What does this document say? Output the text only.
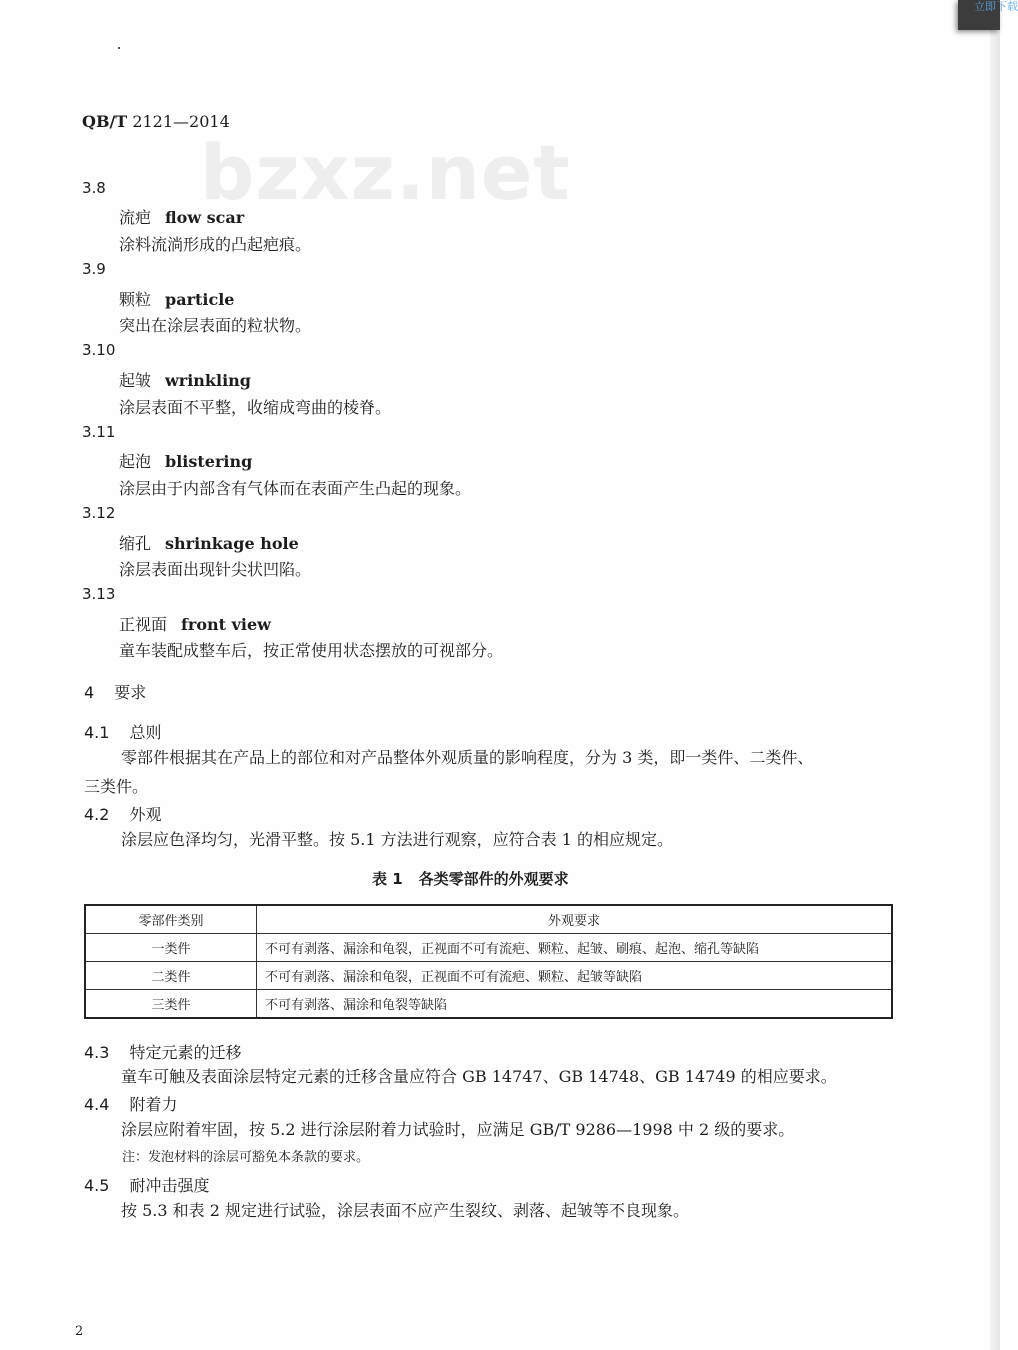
立即下载
bzxz.net
QB/T 2121—2014
3.8
流疤 flow scar
涂料流淌形成的凸起疤痕。
3.9
颗粒 particle
突出在涂层表面的粒状物。
3.10
起皱 wrinkling
涂层表面不平整，收缩成弯曲的棱脊。
3.11
起泡 blistering
涂层由于内部含有气体而在表面产生凸起的现象。
3.12
缩孔 shrinkage hole
涂层表面出现针尖状凹陷。
3.13
正视面 front view
童车装配成整车后，按正常使用状态摆放的可视部分。
4 要求
4.1 总则
零部件根据其在产品上的部位和对产品整体外观质量的影响程度，分为 3 类，即一类件、二类件、
三类件。
4.2 外观
涂层应色泽均匀，光滑平整。按 5.1 方法进行观察，应符合表 1 的相应规定。
表 1 各类零部件的外观要求
零部件类别	外观要求
一类件	不可有剥落、漏涂和龟裂，正视面不可有流疤、颗粒、起皱、刷痕、起泡、缩孔等缺陷
二类件	不可有剥落、漏涂和龟裂，正视面不可有流疤、颗粒、起皱等缺陷
三类件	不可有剥落、漏涂和龟裂等缺陷
4.3 特定元素的迁移
童车可触及表面涂层特定元素的迁移含量应符合 GB 14747、GB 14748、GB 14749 的相应要求。
4.4 附着力
涂层应附着牢固，按 5.2 进行涂层附着力试验时，应满足 GB/T 9286—1998 中 2 级的要求。
注：发泡材料的涂层可豁免本条款的要求。
4.5 耐冲击强度
按 5.3 和表 2 规定进行试验，涂层表面不应产生裂纹、剥落、起皱等不良现象。
2
